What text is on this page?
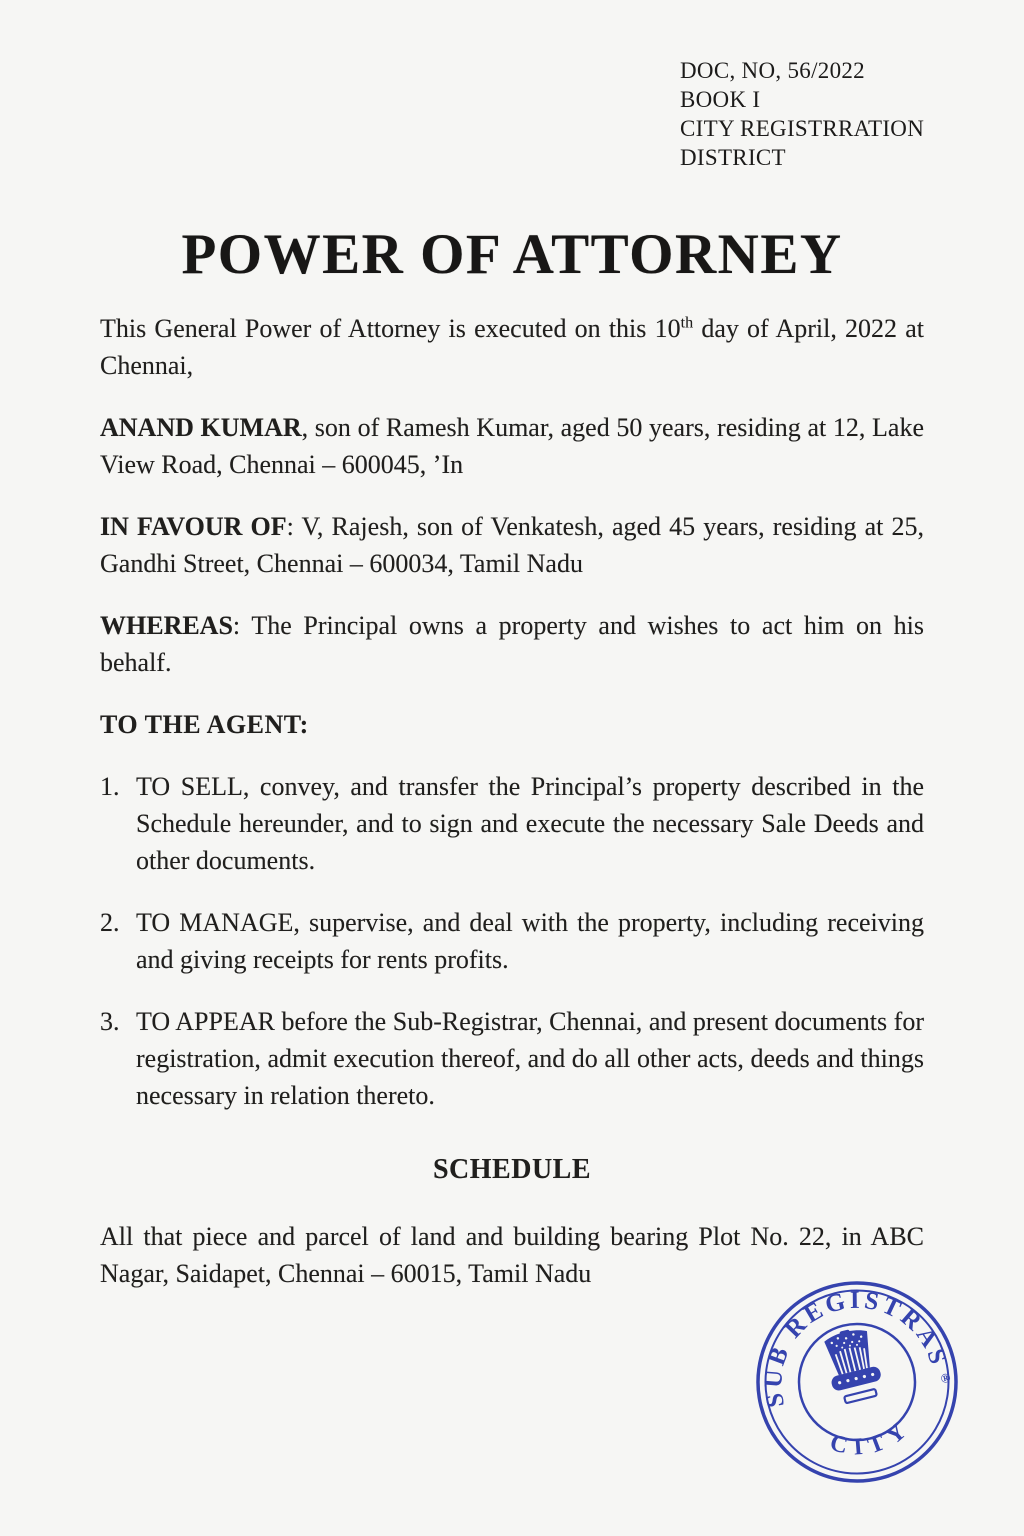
DOC, NO, 56/2022
BOOK I
CITY REGISTRRATION
DISTRICT
POWER OF ATTORNEY

This General Power of Attorney is executed on this 10th day of April, 2022 at Chennai,

ANAND KUMAR, son of Ramesh Kumar, aged 50 years, residing at 12, Lake View Road, Chennai – 600045, ’In

IN FAVOUR OF: V, Rajesh, son of Venkatesh, aged 45 years, residing at 25, Gandhi Street, Chennai – 600034, Tamil Nadu

WHEREAS: The Principal owns a property and wishes to act him on his behalf.

TO THE AGENT:

1. TO SELL, convey, and transfer the Principal’s property described in the Schedule hereunder, and to sign and execute the necessary Sale Deeds and other documents.
2. TO MANAGE, supervise, and deal with the property, including receiving and giving receipts for rents profits.
3. TO APPEAR before the Sub-Registrar, Chennai, and present documents for registration, admit execution thereof, and do all other acts, deeds and things necessary in relation thereto.

SCHEDULE

All that piece and parcel of land and building bearing Plot No. 22, in ABC Nagar, Saidapet, Chennai – 60015, Tamil Nadu

SUB REGISTRAS
CITY
®
